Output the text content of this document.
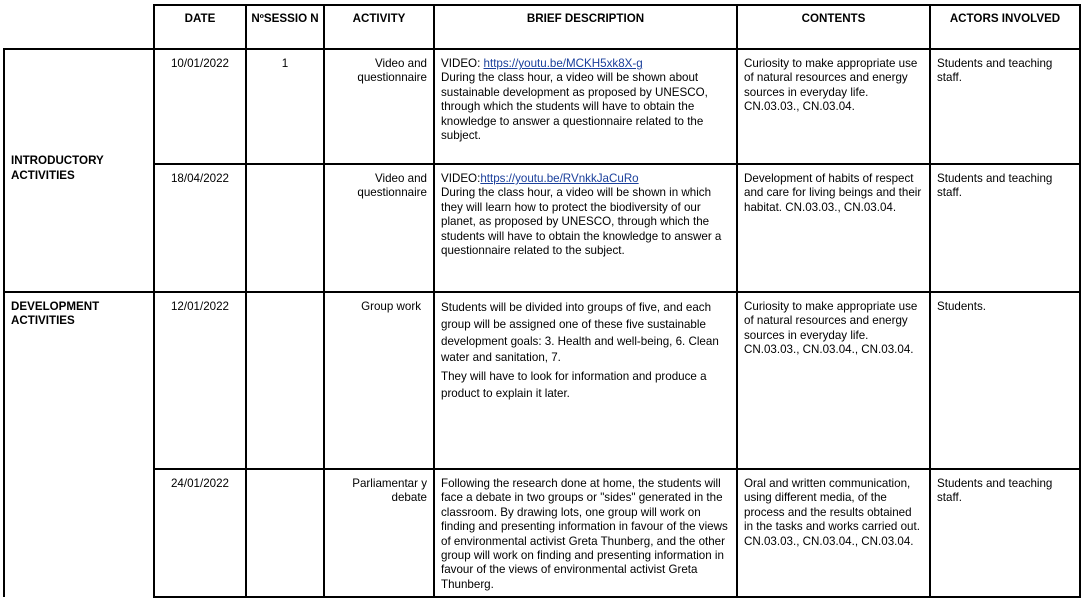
	DATE	NºSESSIO N	ACTIVITY	BRIEF DESCRIPTION	CONTENTS	ACTORS INVOLVED
INTRODUCTORY ACTIVITIES	10/01/2022	1	Video and questionnaire	VIDEO: https://youtu.be/MCKH5xk8X-g
During the class hour, a video will be shown about sustainable development as proposed by UNESCO, through which the students will have to obtain the knowledge to answer a questionnaire related to the subject.	Curiosity to make appropriate use of natural resources and energy sources in everyday life. CN.03.03., CN.03.04.	Students and teaching staff.
	18/04/2022		Video and questionnaire	VIDEO:https://youtu.be/RVnkkJaCuRo
During the class hour, a video will be shown in which they will learn how to protect the biodiversity of our planet, as proposed by UNESCO, through which the students will have to obtain the knowledge to answer a questionnaire related to the subject.	Development of habits of respect and care for living beings and their habitat. CN.03.03., CN.03.04.	Students and teaching staff.
DEVELOPMENT ACTIVITIES	12/01/2022		Group work	Students will be divided into groups of five, and each group will be assigned one of these five sustainable development goals: 3. Health and well-being, 6. Clean water and sanitation, 7.
They will have to look for information and produce a product to explain it later.	Curiosity to make appropriate use of natural resources and energy sources in everyday life. CN.03.03., CN.03.04., CN.03.04.	Students.
	24/01/2022		Parliamentar y debate	Following the research done at home, the students will face a debate in two groups or "sides" generated in the classroom. By drawing lots, one group will work on finding and presenting information in favour of the views of environmental activist Greta Thunberg, and the other group will work on finding and presenting information in favour of the views of environmental activist Greta Thunberg.	Oral and written communication, using different media, of the process and the results obtained in the tasks and works carried out. CN.03.03., CN.03.04., CN.03.04.	Students and teaching staff.
